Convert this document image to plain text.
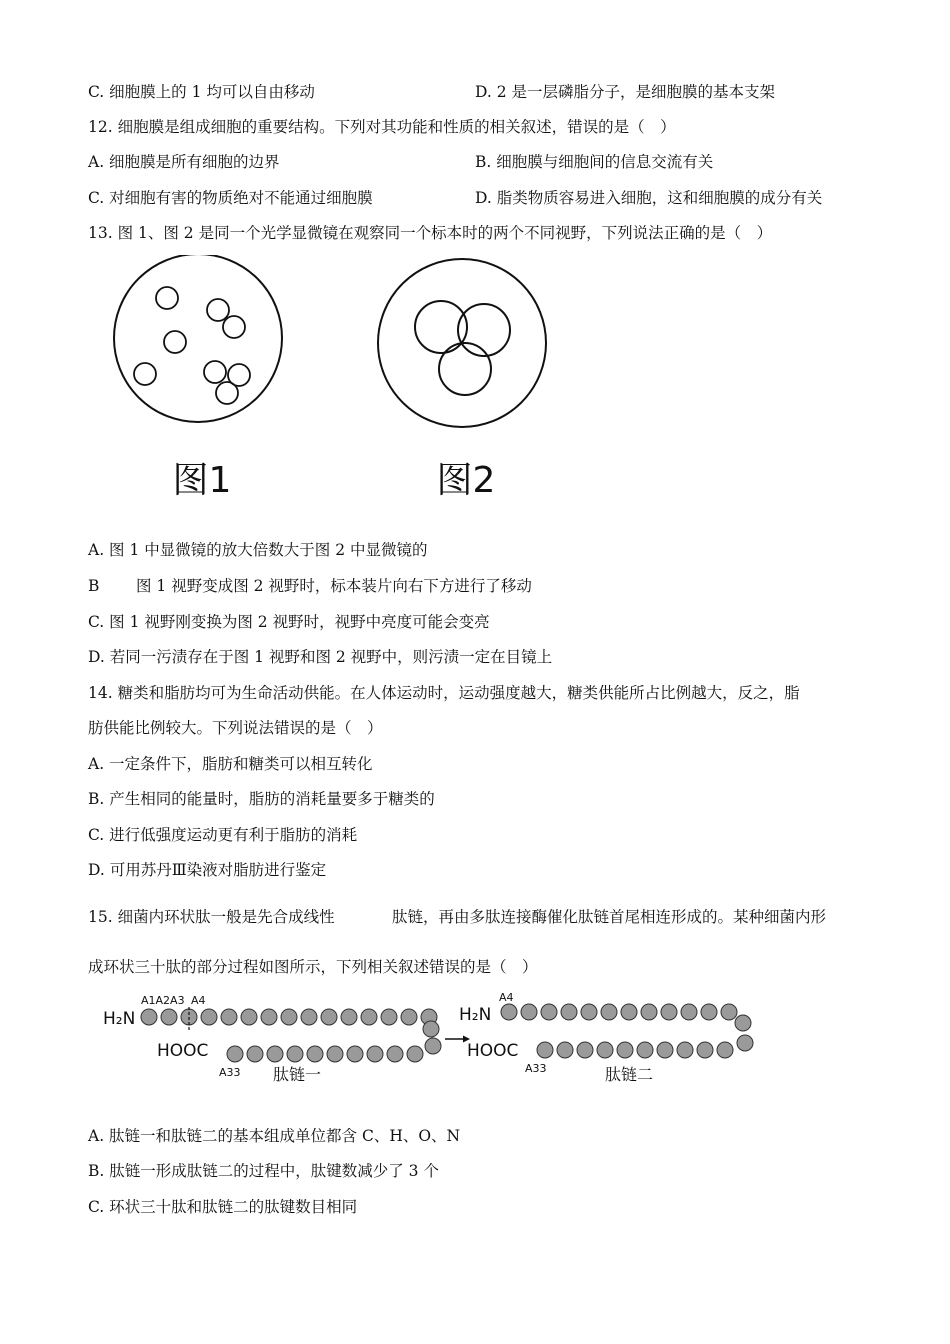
C. 细胞膜上的 1 均可以自由移动	D. 2 是一层磷脂分子，是细胞膜的基本支架
12. 细胞膜是组成细胞的重要结构。下列对其功能和性质的相关叙述，错误的是（　）
A. 细胞膜是所有细胞的边界	B. 细胞膜与细胞间的信息交流有关
C. 对细胞有害的物质绝对不能通过细胞膜	D. 脂类物质容易进入细胞，这和细胞膜的成分有关
13. 图 1、图 2 是同一个光学显微镜在观察同一个标本时的两个不同视野，下列说法正确的是（　）
图1	图2
A. 图 1 中显微镜的放大倍数大于图 2 中显微镜的
B 图 1 视野变成图 2 视野时，标本装片向右下方进行了移动
C. 图 1 视野刚变换为图 2 视野时，视野中亮度可能会变亮
D. 若同一污渍存在于图 1 视野和图 2 视野中，则污渍一定在目镜上
14. 糖类和脂肪均可为生命活动供能。在人体运动时，运动强度越大，糖类供能所占比例越大，反之，脂
肪供能比例较大。下列说法错误的是（　）
A. 一定条件下，脂肪和糖类可以相互转化
B. 产生相同的能量时，脂肪的消耗量要多于糖类的
C. 进行低强度运动更有利于脂肪的消耗
D. 可用苏丹Ⅲ染液对脂肪进行鉴定
15. 细菌内环状肽一般是先合成线性	肽链，再由多肽连接酶催化肽链首尾相连形成的。某种细菌内形
成环状三十肽的部分过程如图所示，下列相关叙述错误的是（　）
H₂N
HOOC
A1A2A3 A4
A33 肽链一
H₂N
HOOC
A4
A33	肽链二
A. 肽链一和肽链二的基本组成单位都含 C、H、O、N
B. 肽链一形成肽链二的过程中，肽键数减少了 3 个
C. 环状三十肽和肽链二的肽键数目相同
